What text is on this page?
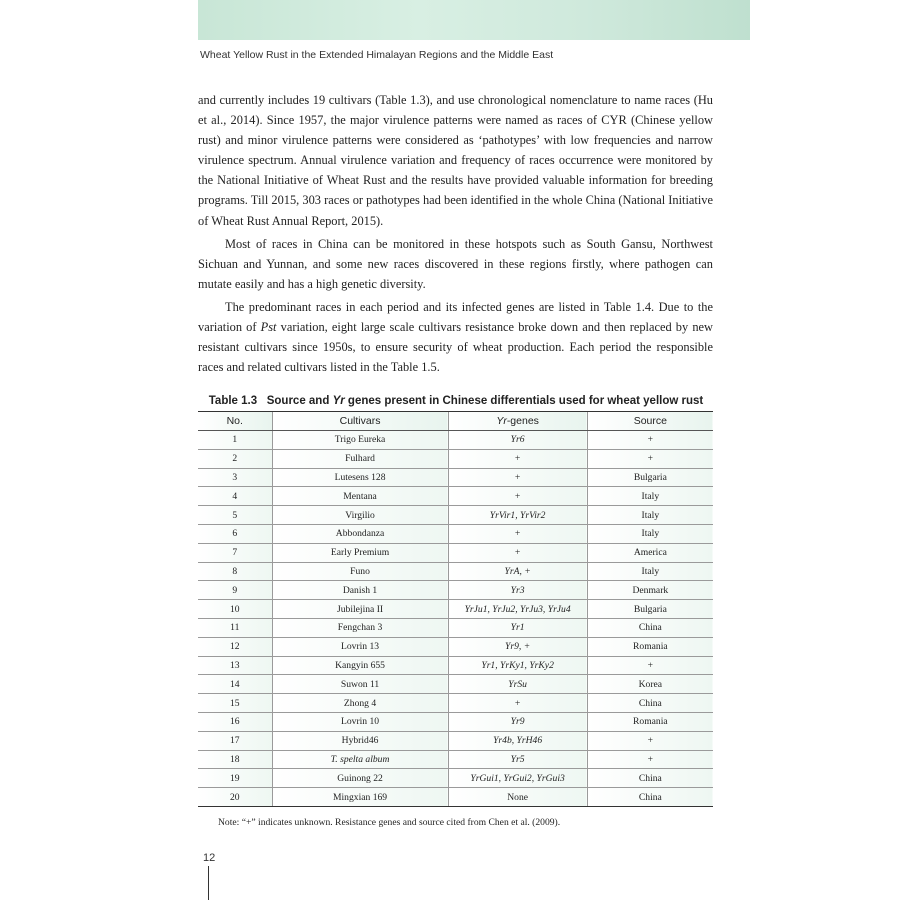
Wheat Yellow Rust in the Extended Himalayan Regions and the Middle East

and currently includes 19 cultivars (Table 1.3), and use chronological nomenclature to name races (Hu et al., 2014). Since 1957, the major virulence patterns were named as races of CYR (Chinese yellow rust) and minor virulence patterns were considered as ‘pathotypes’ with low frequencies and narrow virulence spectrum. Annual virulence variation and frequency of races occurrence were monitored by the National Initiative of Wheat Rust and the results have provided valuable information for breeding programs. Till 2015, 303 races or pathotypes had been identified in the whole China (National Initiative of Wheat Rust Annual Report, 2015).

Most of races in China can be monitored in these hotspots such as South Gansu, Northwest Sichuan and Yunnan, and some new races discovered in these regions firstly, where pathogen can mutate easily and has a high genetic diversity.

The predominant races in each period and its infected genes are listed in Table 1.4. Due to the variation of Pst variation, eight large scale cultivars resistance broke down and then replaced by new resistant cultivars since 1950s, to ensure security of wheat production. Each period the responsible races and related cultivars listed in the Table 1.5.

Table 1.3 Source and Yr genes present in Chinese differentials used for wheat yellow rust
No.	Cultivars	Yr-genes	Source
1	Trigo Eureka	Yr6	+
2	Fulhard	+	+
3	Lutesens 128	+	Bulgaria
4	Mentana	+	Italy
5	Virgilio	YrVir1, YrVir2	Italy
6	Abbondanza	+	Italy
7	Early Premium	+	America
8	Funo	YrA, +	Italy
9	Danish 1	Yr3	Denmark
10	Jubilejina II	YrJu1, YrJu2, YrJu3, YrJu4	Bulgaria
11	Fengchan 3	Yr1	China
12	Lovrin 13	Yr9, +	Romania
13	Kangyin 655	Yr1, YrKy1, YrKy2	+
14	Suwon 11	YrSu	Korea
15	Zhong 4	+	China
16	Lovrin 10	Yr9	Romania
17	Hybrid46	Yr4b, YrH46	+
18	T. spelta album	Yr5	+
19	Guinong 22	YrGui1, YrGui2, YrGui3	China
20	Mingxian 169	None	China
Note: “+” indicates unknown. Resistance genes and source cited from Chen et al. (2009).
12
